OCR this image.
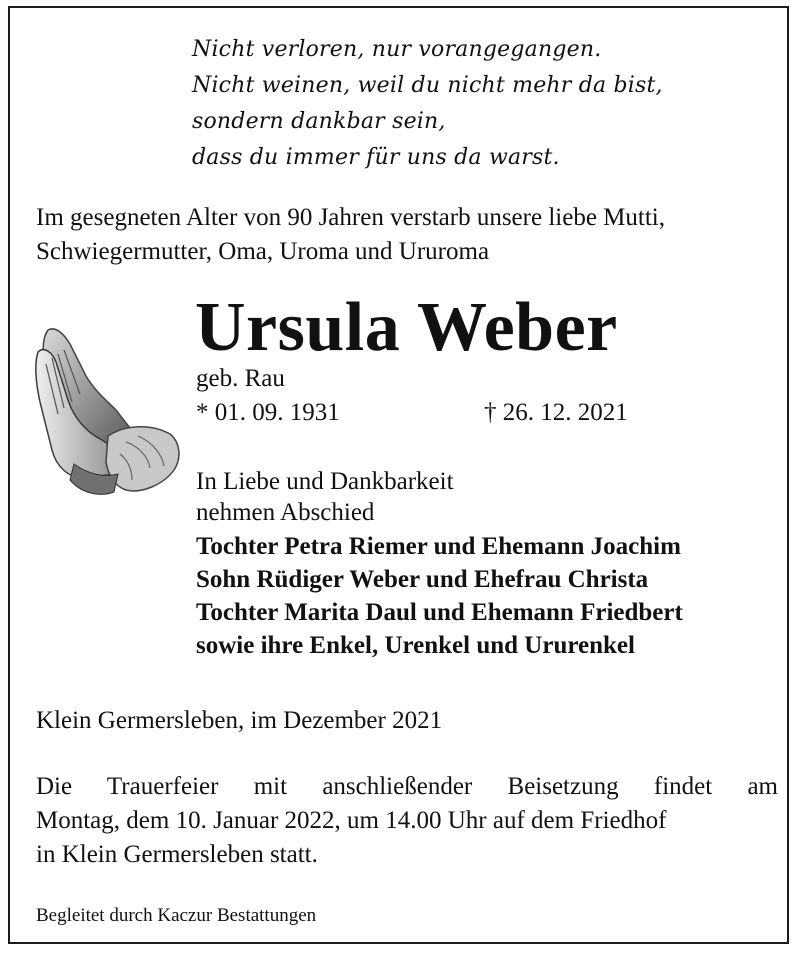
Nicht verloren, nur vorangegangen.
Nicht weinen, weil du nicht mehr da bist,
sondern dankbar sein,
dass du immer für uns da warst.
Im gesegneten Alter von 90 Jahren verstarb unsere liebe Mutti,
Schwiegermutter, Oma, Uroma und Ururoma
Ursula Weber
geb. Rau
* 01. 09. 1931	† 26. 12. 2021
In Liebe und Dankbarkeit
nehmen Abschied
Tochter Petra Riemer und Ehemann Joachim
Sohn Rüdiger Weber und Ehefrau Christa
Tochter Marita Daul und Ehemann Friedbert
sowie ihre Enkel, Urenkel und Ururenkel
Klein Germersleben, im Dezember 2021
Die Trauerfeier mit anschließender Beisetzung findet am
Montag, dem 10. Januar 2022, um 14.00 Uhr auf dem Friedhof
in Klein Germersleben statt.
Begleitet durch Kaczur Bestattungen
